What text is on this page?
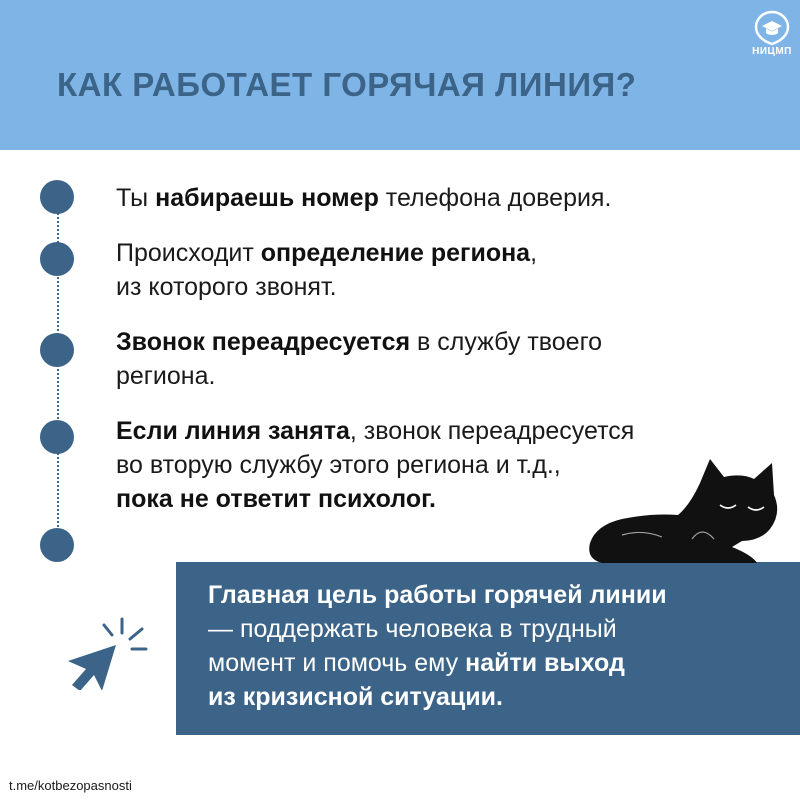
КАК РАБОТАЕТ ГОРЯЧАЯ ЛИНИЯ?
НИЦМП
Ты набираешь номер телефона доверия.
Происходит определение региона,
из которого звонят.
Звонок переадресуется в службу твоего
региона.
Если линия занята, звонок переадресуется
во вторую службу этого региона и т.д.,
пока не ответит психолог.
Главная цель работы горячей линии
— поддержать человека в трудный
момент и помочь ему найти выход
из кризисной ситуации.
t.me/kotbezopasnosti
